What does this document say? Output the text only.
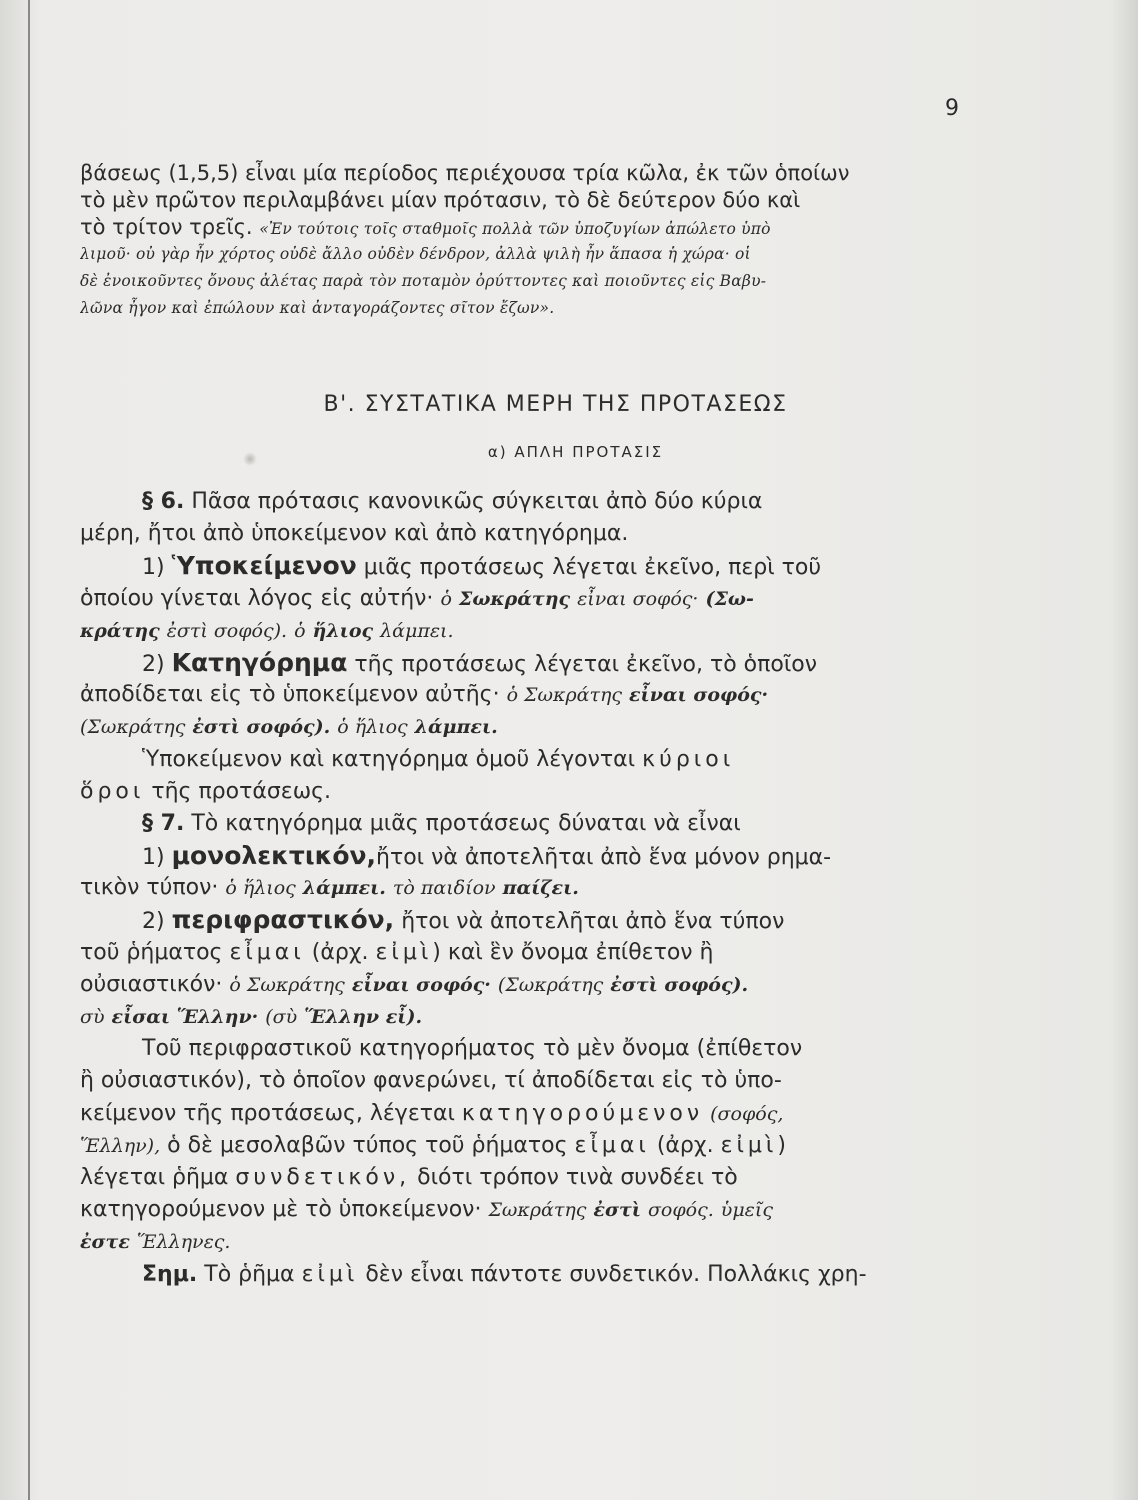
9
βάσεως (1,5,5) εἶναι μία περίοδος περιέχουσα τρία κῶλα, ἐκ τῶν ὁποίων
τὸ μὲν πρῶτον περιλαμβάνει μίαν πρότασιν, τὸ δὲ δεύτερον δύο καὶ
τὸ τρίτον τρεῖς. «Ἐν τούτοις τοῖς σταθμοῖς πολλὰ τῶν ὑποζυγίων ἀπώλετο ὑπὸ
λιμοῦ· οὐ γὰρ ἦν χόρτος οὐδὲ ἄλλο οὐδὲν δένδρον, ἀλλὰ ψιλὴ ἦν ἅπασα ἡ χώρα· οἱ
δὲ ἐνοικοῦντες ὄνους ἀλέτας παρὰ τὸν ποταμὸν ὀρύττοντες καὶ ποιοῦντες εἰς Βαβυ-
λῶνα ἦγον καὶ ἐπώλουν καὶ ἀνταγοράζοντες σῖτον ἔζων».
Β'. ΣΥΣΤΑΤΙΚΑ ΜΕΡΗ ΤΗΣ ΠΡΟΤΑΣΕΩΣ
α) ΑΠΛΗ ΠΡΟΤΑΣΙΣ
§ 6. Πᾶσα πρότασις κανονικῶς σύγκειται ἀπὸ δύο κύρια
μέρη, ἤτοι ἀπὸ ὑποκείμενον καὶ ἀπὸ κατηγόρημα.
1) Ὑποκείμενον μιᾶς προτάσεως λέγεται ἐκεῖνο, περὶ τοῦ
ὁποίου γίνεται λόγος εἰς αὐτήν· ὁ Σωκράτης εἶναι σοφός· (Σω-
κράτης ἐστὶ σοφός). ὁ ἥλιος λάμπει.
2) Κατηγόρημα τῆς προτάσεως λέγεται ἐκεῖνο, τὸ ὁποῖον
ἀποδίδεται εἰς τὸ ὑποκείμενον αὐτῆς· ὁ Σωκράτης εἶναι σοφός·
(Σωκράτης ἐστὶ σοφός). ὁ ἥλιος λάμπει.
Ὑποκείμενον καὶ κατηγόρημα ὁμοῦ λέγονται κύριοι
ὅροι τῆς προτάσεως.
§ 7. Τὸ κατηγόρημα μιᾶς προτάσεως δύναται νὰ εἶναι
1) μονολεκτικόν,ἤτοι νὰ ἀποτελῆται ἀπὸ ἕνα μόνον ρημα-
τικὸν τύπον· ὁ ἥλιος λάμπει. τὸ παιδίον παίζει.
2) περιφραστικόν, ἤτοι νὰ ἀποτελῆται ἀπὸ ἕνα τύπον
τοῦ ῥήματος εἶμαι (ἀρχ. εἰμὶ) καὶ ἓν ὄνομα ἐπίθετον ἢ
οὐσιαστικόν· ὁ Σωκράτης εἶναι σοφός· (Σωκράτης ἐστὶ σοφός).
σὺ εἶσαι Ἕλλην· (σὺ Ἕλλην εἶ).
Τοῦ περιφραστικοῦ κατηγορήματος τὸ μὲν ὄνομα (ἐπίθετον
ἢ οὐσιαστικόν), τὸ ὁποῖον φανερώνει, τί ἀποδίδεται εἰς τὸ ὑπο-
κείμενον τῆς προτάσεως, λέγεται κατηγορούμενον (σοφός,
Ἕλλην), ὁ δὲ μεσολαβῶν τύπος τοῦ ῥήματος εἶμαι (ἀρχ. εἰμὶ)
λέγεται ῥῆμα συνδετικόν, διότι τρόπον τινὰ συνδέει τὸ
κατηγορούμενον μὲ τὸ ὑποκείμενον· Σωκράτης ἐστὶ σοφός. ὑμεῖς
ἐστε Ἕλληνες.
Σημ. Τὸ ῥῆμα εἰμὶ δὲν εἶναι πάντοτε συνδετικόν. Πολλάκις χρη-
